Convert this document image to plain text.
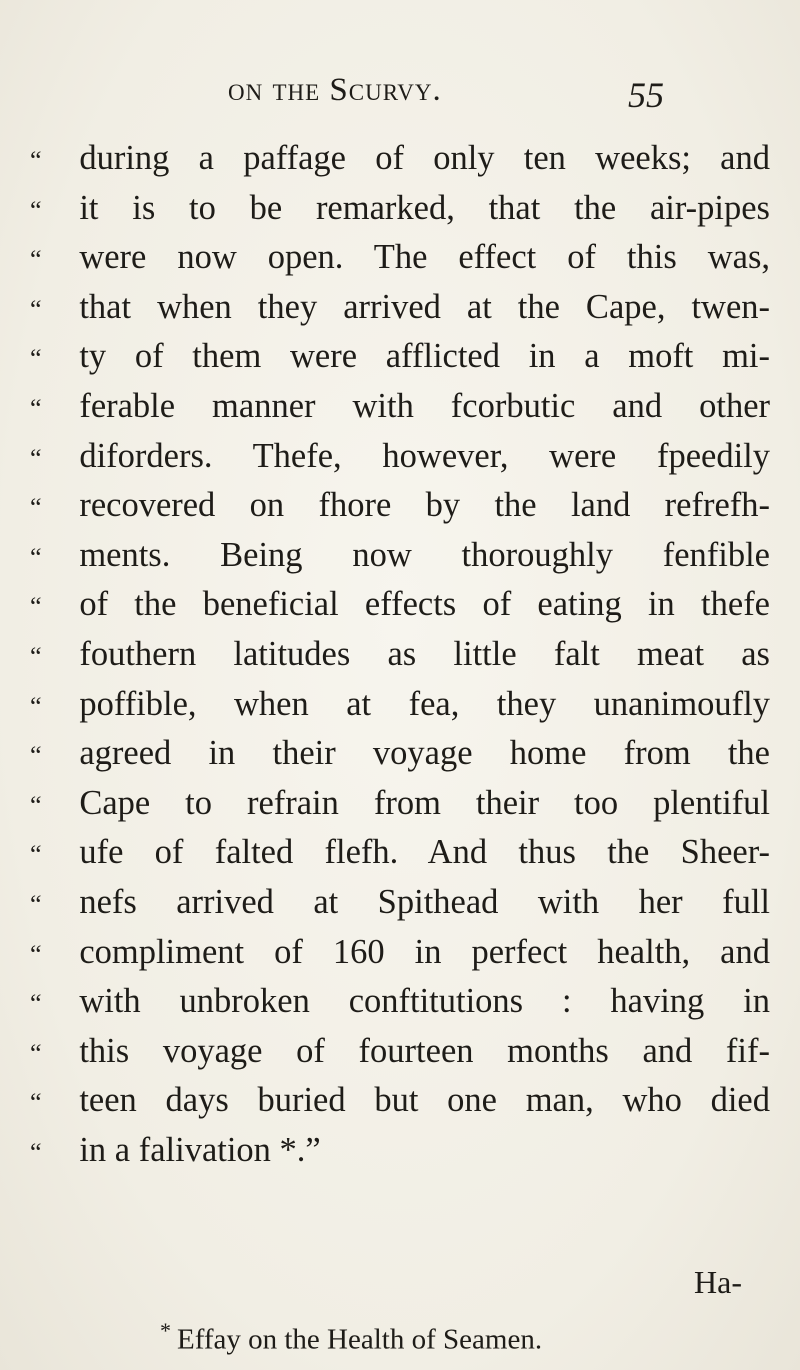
on the Scurvy.	55
“	during a paffage of only ten weeks; and
“	it is to be remarked, that the air-pipes
“	were now open. The effect of this was,
“	that when they arrived at the Cape, twen-
“	ty of them were afflicted in a moft mi-
“	ferable manner with fcorbutic and other
“	diforders. Thefe, however, were fpeedily
“	recovered on fhore by the land refrefh-
“	ments. Being now thoroughly fenfible
“	of the beneficial effects of eating in thefe
“	fouthern latitudes as little falt meat as
“	poffible, when at fea, they unanimoufly
“	agreed in their voyage home from the
“	Cape to refrain from their too plentiful
“	ufe of falted flefh. And thus the Sheer-
“	nefs arrived at Spithead with her full
“	compliment of 160 in perfect health, and
“	with unbroken conftitutions : having in
“	this voyage of fourteen months and fif-
“	teen days buried but one man, who died
“	in a falivation *.”
Ha-
* Effay on the Health of Seamen.
